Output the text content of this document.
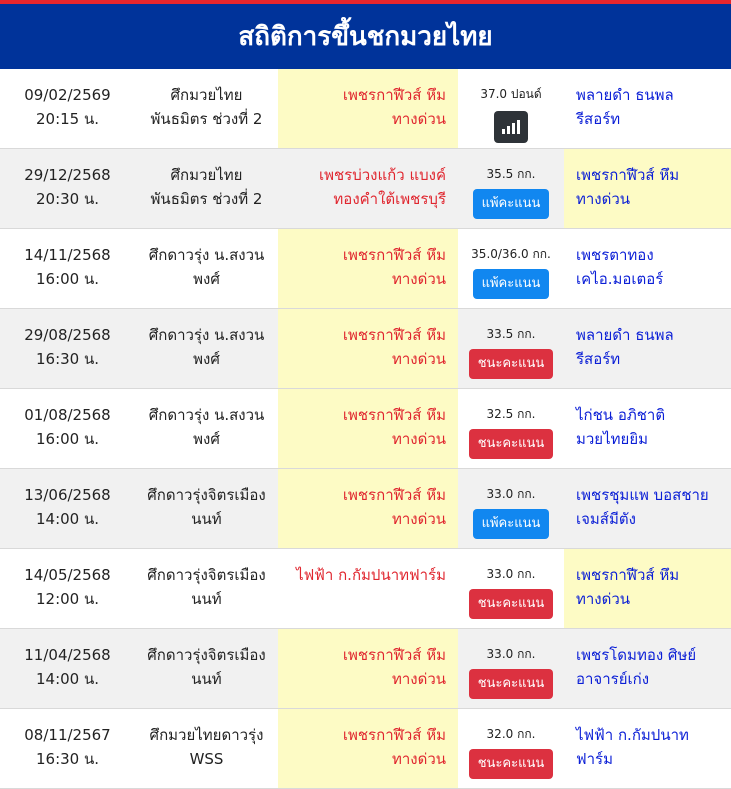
สถิติการขึ้นชกมวยไทย
09/02/2569
20:15 น.
ศึกมวยไทย
พันธมิตร ช่วงที่ 2
เพชรกาฬีวส์ หึม
ทางด่วน
37.0 ปอนด์ พลายดำ ธนพล
รีสอร์ท
29/12/2568
20:30 น.
ศึกมวยไทย
พันธมิตร ช่วงที่ 2
เพชรบ่วงแก้ว แบงค์
ทองคำใต้เพชรบุรี
35.5 กก.
แพ้คะแนน
เพชรกาฬีวส์ หึม
ทางด่วน
14/11/2568
16:00 น.
ศึกดาวรุ่ง น.สงวน
พงศ์
เพชรกาฬีวส์ หึม
ทางด่วน
35.0/36.0 กก.
แพ้คะแนน
เพชรตาทอง
เคไอ.มอเตอร์
29/08/2568
16:30 น.
ศึกดาวรุ่ง น.สงวน
พงศ์
เพชรกาฬีวส์ หึม
ทางด่วน
33.5 กก.
ชนะคะแนน
พลายดำ ธนพล
รีสอร์ท
01/08/2568
16:00 น.
ศึกดาวรุ่ง น.สงวน
พงศ์
เพชรกาฬีวส์ หึม
ทางด่วน
32.5 กก.
ชนะคะแนน
ไก่ชน อภิชาติ
มวยไทยยิม
13/06/2568
14:00 น.
ศึกดาวรุ่งจิตรเมือง
นนท์
เพชรกาฬีวส์ หึม
ทางด่วน
33.0 กก.
แพ้คะแนน
เพชรชุมแพ บอสชาย
เจมส์มีตัง
14/05/2568
12:00 น.
ศึกดาวรุ่งจิตรเมือง
นนท์
ไฟฟ้า ก.กัมปนาทฟาร์ม	33.0 กก.
ชนะคะแนน
เพชรกาฬีวส์ หึม
ทางด่วน
11/04/2568
14:00 น.
ศึกดาวรุ่งจิตรเมือง
นนท์
เพชรกาฬีวส์ หึม
ทางด่วน
33.0 กก.
ชนะคะแนน
เพชรโดมทอง ศิษย์
อาจารย์เก่ง
08/11/2567
16:30 น.
ศึกมวยไทยดาวรุ่ง
WSS
เพชรกาฬีวส์ หึม
ทางด่วน
32.0 กก.
ชนะคะแนน
ไฟฟ้า ก.กัมปนาท
ฟาร์ม
